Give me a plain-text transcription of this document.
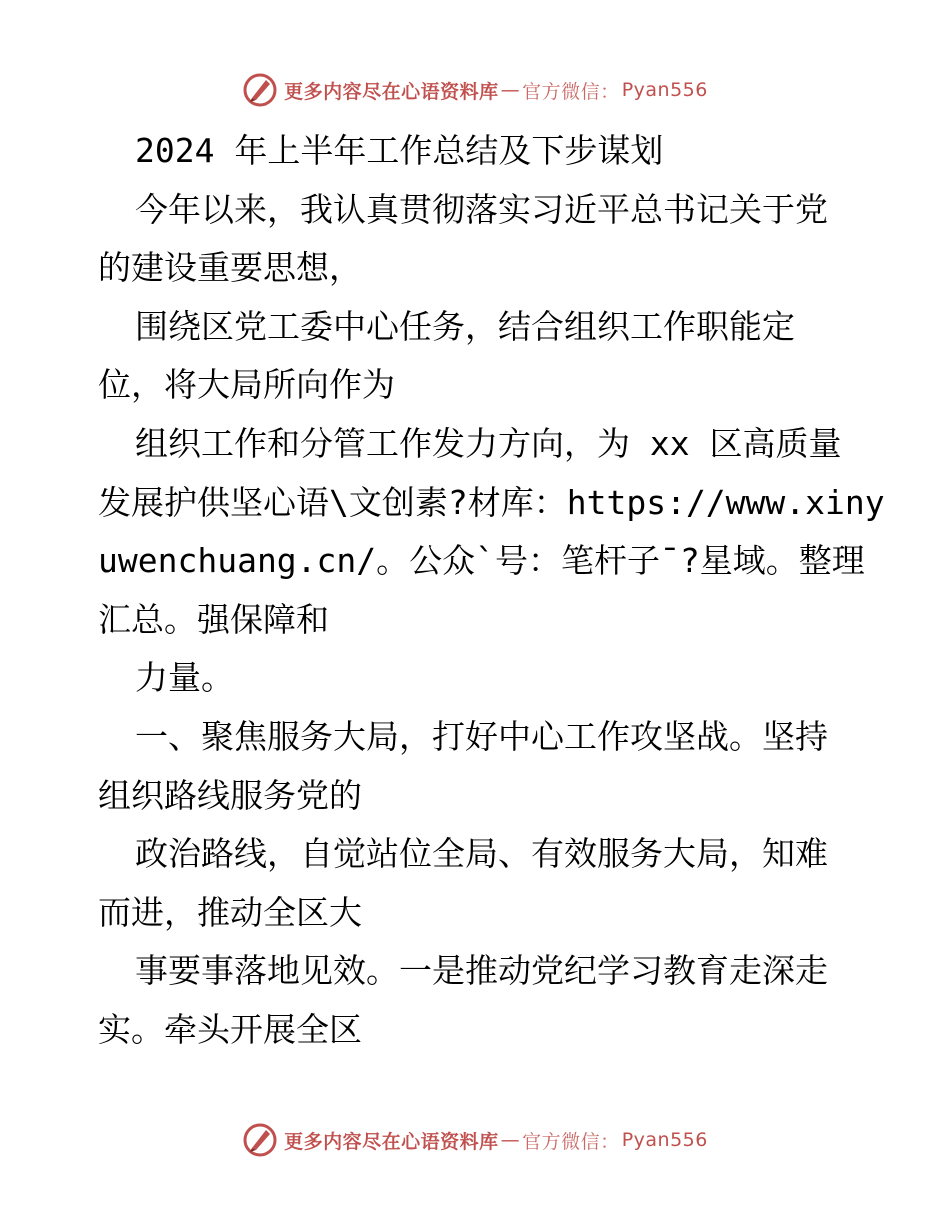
更多内容尽在心语资料库 — 官方微信： Pyan556
2024 年上半年工作总结及下步谋划
今年以来，我认真贯彻落实习近平总书记关于党
的建设重要思想，
围绕区党工委中心任务，结合组织工作职能定
位，将大局所向作为
组织工作和分管工作发力方向，为 xx 区高质量
发展护供坚心语\文创素?材库：https://www.xiny
uwenchuang.cn/。公众`号：笔杆子¯?星域。整理
汇总。强保障和
力量。
一、聚焦服务大局，打好中心工作攻坚战。坚持
组织路线服务党的
政治路线，自觉站位全局、有效服务大局，知难
而进，推动全区大
事要事落地见效。一是推动党纪学习教育走深走
实。牵头开展全区
更多内容尽在心语资料库 — 官方微信： Pyan556
